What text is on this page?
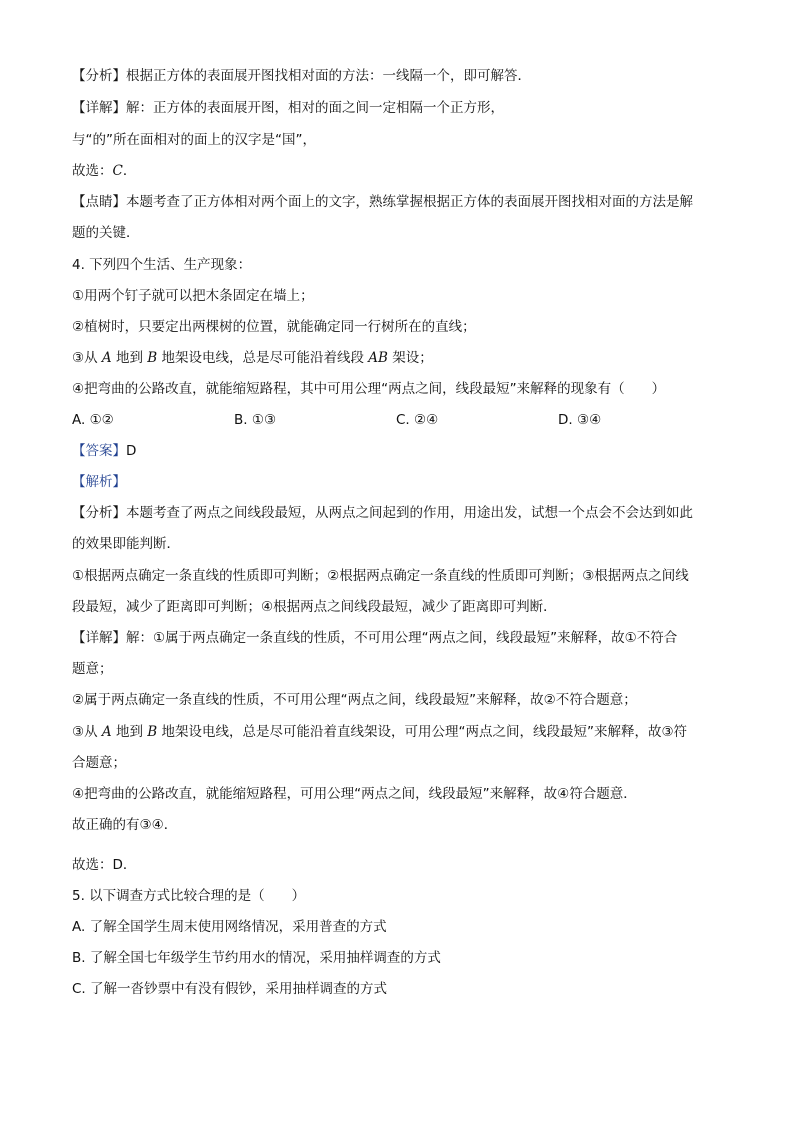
【分析】根据正方体的表面展开图找相对面的方法：一线隔一个，即可解答．
【详解】解：正方体的表面展开图，相对的面之间一定相隔一个正方形，
与“的”所在面相对的面上的汉字是“国”，
故选：C．
【点睛】本题考查了正方体相对两个面上的文字，熟练掌握根据正方体的表面展开图找相对面的方法是解
题的关键．
4. 下列四个生活、生产现象：
①用两个钉子就可以把木条固定在墙上；
②植树时，只要定出两棵树的位置，就能确定同一行树所在的直线；
③从 A 地到 B 地架设电线，总是尽可能沿着线段 AB 架设；
④把弯曲的公路改直，就能缩短路程，其中可用公理“两点之间，线段最短”来解释的现象有（　　）
A. ①②	B. ①③	C. ②④	D. ③④
【答案】D
【解析】
【分析】本题考查了两点之间线段最短，从两点之间起到的作用，用途出发，试想一个点会不会达到如此
的效果即能判断．
①根据两点确定一条直线的性质即可判断；②根据两点确定一条直线的性质即可判断；③根据两点之间线
段最短，减少了距离即可判断；④根据两点之间线段最短，减少了距离即可判断．
【详解】解：①属于两点确定一条直线的性质，不可用公理“两点之间，线段最短”来解释，故①不符合
题意；
②属于两点确定一条直线的性质，不可用公理“两点之间，线段最短”来解释，故②不符合题意；
③从 A 地到 B 地架设电线，总是尽可能沿着直线架设，可用公理“两点之间，线段最短”来解释，故③符
合题意；
④把弯曲的公路改直，就能缩短路程，可用公理“两点之间，线段最短”来解释，故④符合题意．
故正确的有③④．
故选：D．
5. 以下调查方式比较合理的是（　　）
A. 了解全国学生周末使用网络情况，采用普查的方式
B. 了解全国七年级学生节约用水的情况，采用抽样调查的方式
C. 了解一沓钞票中有没有假钞，采用抽样调查的方式
